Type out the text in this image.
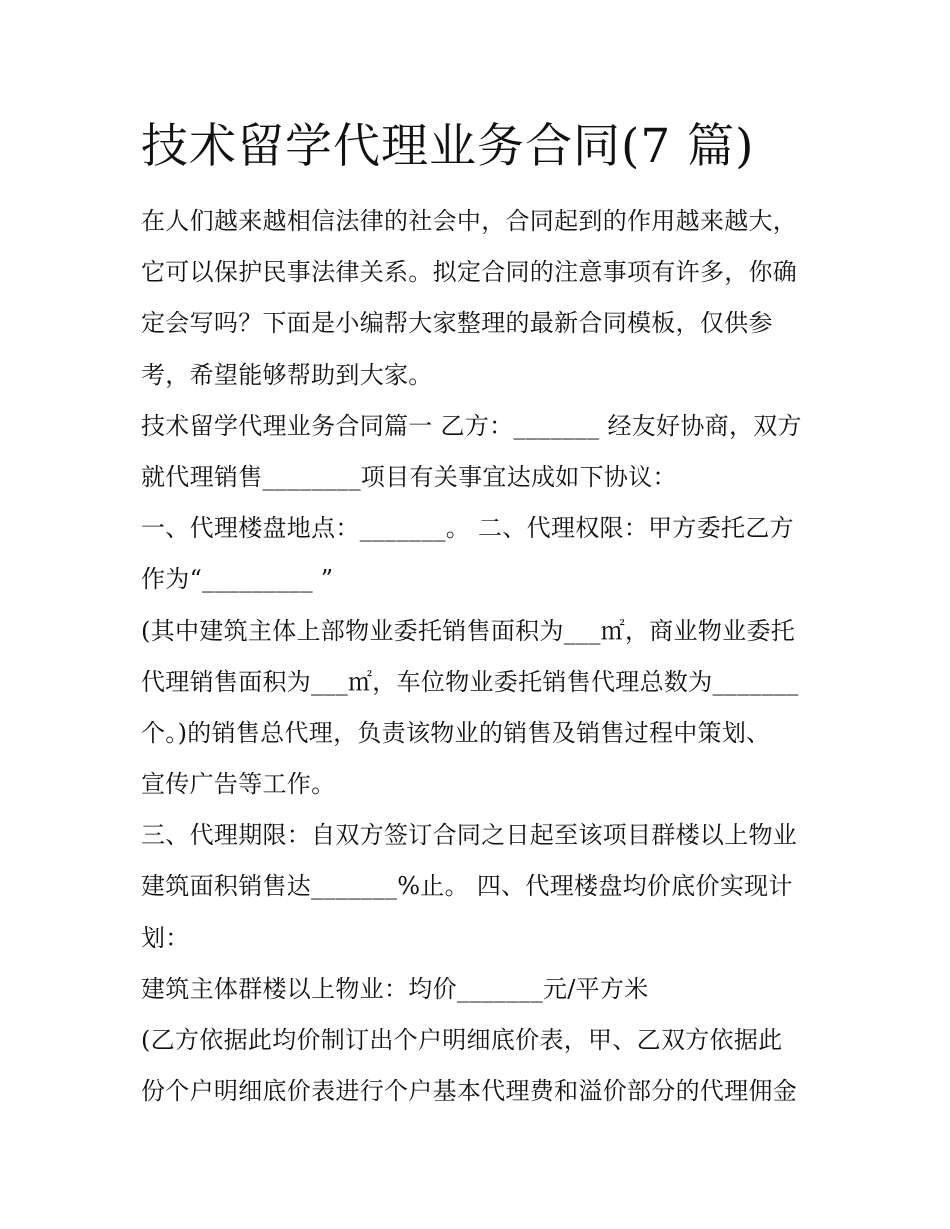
技术留学代理业务合同(7 篇)
在人们越来越相信法律的社会中，合同起到的作用越来越大，
它可以保护民事法律关系。拟定合同的注意事项有许多，你确
定会写吗？下面是小编帮大家整理的最新合同模板，仅供参
考，希望能够帮助到大家。
技术留学代理业务合同篇一 乙方：_______ 经友好协商，双方
就代理销售________项目有关事宜达成如下协议：
一、代理楼盘地点：_______。 二、代理权限：甲方委托乙方
作为“_________ ”
(其中建筑主体上部物业委托销售面积为___㎡，商业物业委托
代理销售面积为___㎡，车位物业委托销售代理总数为_______
个。)的销售总代理，负责该物业的销售及销售过程中策划、
宣传广告等工作。
三、代理期限：自双方签订合同之日起至该项目群楼以上物业
建筑面积销售达_______%止。 四、代理楼盘均价底价实现计
划：
建筑主体群楼以上物业：均价_______元/平方米
(乙方依据此均价制订出个户明细底价表，甲、乙双方依据此
份个户明细底价表进行个户基本代理费和溢价部分的代理佣金
